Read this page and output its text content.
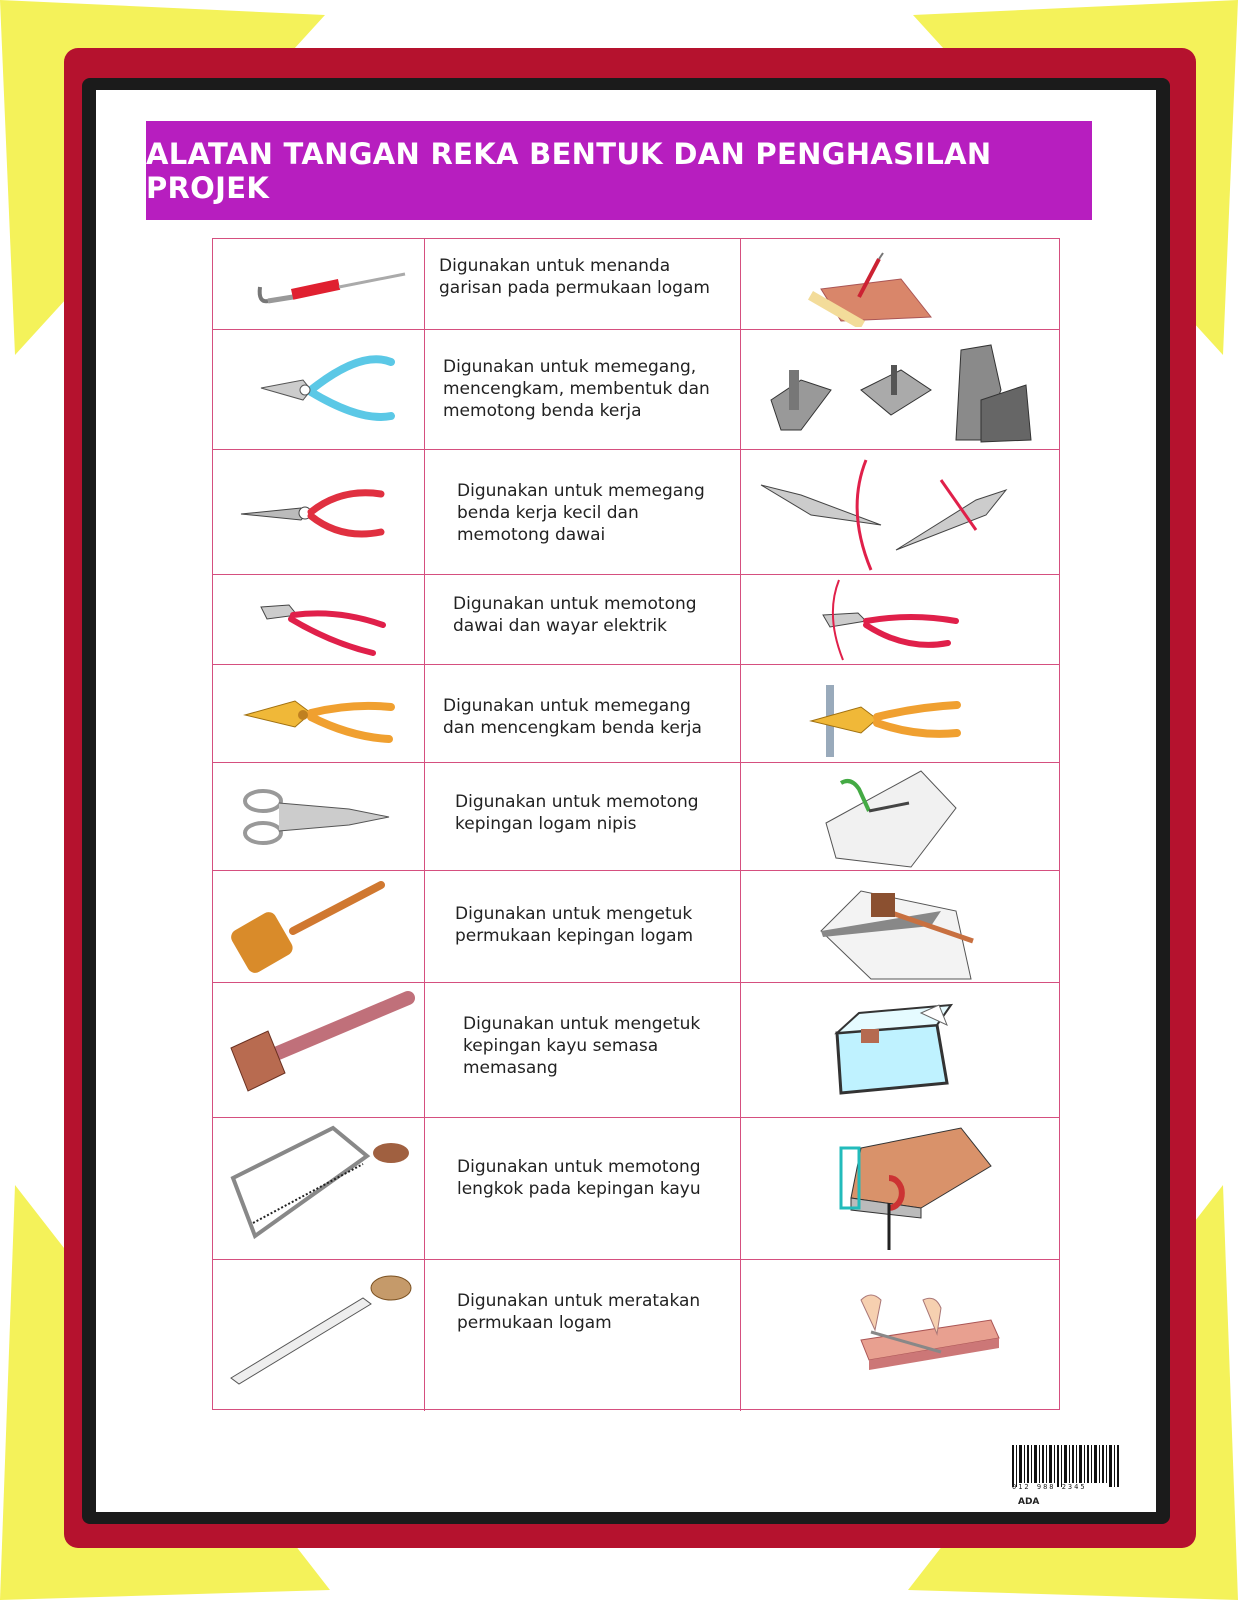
ALATAN TANGAN REKA BENTUK DAN PENGHASILAN PROJEK
Digunakan untuk menanda
garisan pada permukaan logam
Digunakan untuk memegang,
mencengkam, membentuk dan
memotong benda kerja
Digunakan untuk memegang
benda kerja kecil dan
memotong dawai
Digunakan untuk memotong
dawai dan wayar elektrik
Digunakan untuk memegang
dan mencengkam benda kerja
Digunakan untuk memotong
kepingan logam nipis
Digunakan untuk mengetuk
permukaan kepingan logam
Digunakan untuk mengetuk
kepingan kayu semasa
memasang
Digunakan untuk memotong
lengkok pada kepingan kayu
Digunakan untuk meratakan
permukaan logam
012 988 2345
ADA
